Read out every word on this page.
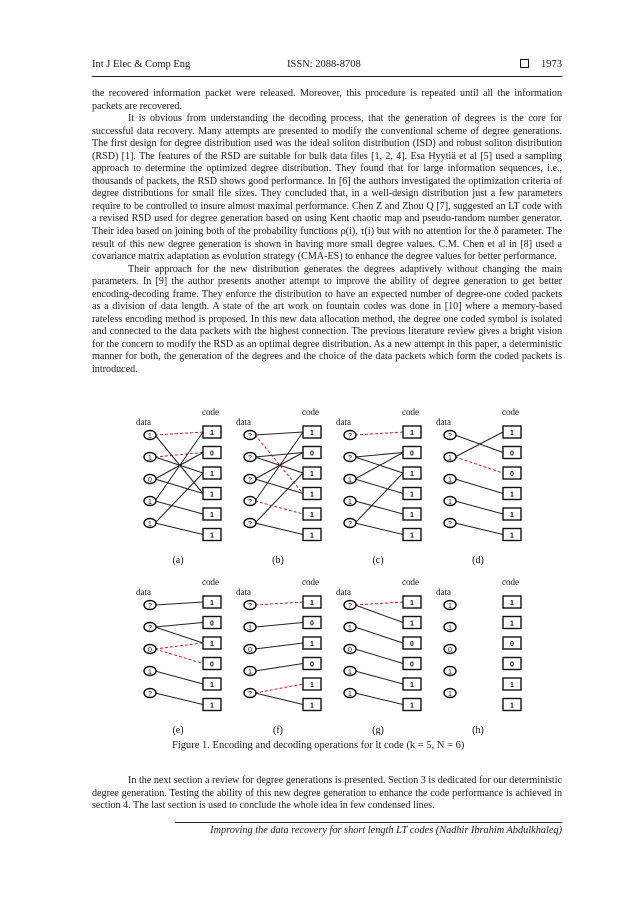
Int J Elec & Comp Eng	ISSN: 2088-8708	1973

the recovered information packet were released. Moreover, this procedure is repeated until all the information packets are recovered.

It is obvious from understanding the decoding process, that the generation of degrees is the core for successful data recovery. Many attempts are presented to modify the conventional scheme of degree generations. The first design for degree distribution used was the ideal soliton distribution (ISD) and robust soliton distribution (RSD) [1]. The features of the RSD are suitable for bulk data files [1, 2, 4]. Esa Hyytiä et al [5] used a sampling approach to determine the optimized degree distribution. They found that for large information sequences, i.e., thousands of packets, the RSD shows good performance. In [6] the authors investigated the optimization criteria of degree distributions for small file sizes. They concluded that, in a well-design distribution just a few parameters require to be controlled to insure almost maximal performance. Chen Z and Zhou Q [7], suggested an LT code with a revised RSD used for degree generation based on using Kent chaotic map and pseudo-random number generator. Their idea based on joining both of the probability functions ρ(i), τ(i) but with no attention for the δ parameter. The result of this new degree generation is shown in having more small degree values. C.M. Chen et al in [8] used a covariance matrix adaptation as evolution strategy (CMA-ES) to enhance the degree values for better performance.

Their approach for the new distribution generates the degrees adaptively without changing the main parameters. In [9] the author presents another attempt to improve the ability of degree generation to get better encoding-decoding frame. They enforce the distribution to have an expected number of degree-one coded packets as a division of data length. A state of the art work on fountain codes was done in [10] where a memory-based rateless encoding method is proposed. In this new data allocation method, the degree one coded symbol is isolated and connected to the data packets with the highest connection. The previous literature review gives a bright vision for the concern to modify the RSD as an optimal degree distribution. As a new attempt in this paper, a deterministic manner for both, the generation of the degrees and the choice of the data packets which form the coded packets is introduced.

data
code
1
1
0
1
1
1
0
1
1
1
1
(a)
data
code
?
?
?
?
?
1
0
1
1
1
1
(b)
data
code
?
?
1
1
?
1
0
1
1
1
1
(c)
data
code
?
1
1
1
?
1
0
0
1
1
1
(d)
data
code
?
?
0
1
?
1
0
1
0
1
1
(e)
data
code
?
1
0
1
?
1
0
1
0
1
1
(f)
data
code
?
1
0
1
1
1
1
0
0
1
1
(g)
data
code
1
1
0
1
1
1
1
0
0
1
1
(h)
Figure 1. Encoding and decoding operations for lt code (k = 5, N = 6)

In the next section a review for degree generations is presented. Section 3 is dedicated for our deterministic degree generation. Testing the ability of this new degree generation to enhance the code performance is achieved in section 4. The last section is used to conclude the whole idea in few condensed lines.

Improving the data recovery for short length LT codes (Nadhir Ibrahim Abdulkhaleq)
